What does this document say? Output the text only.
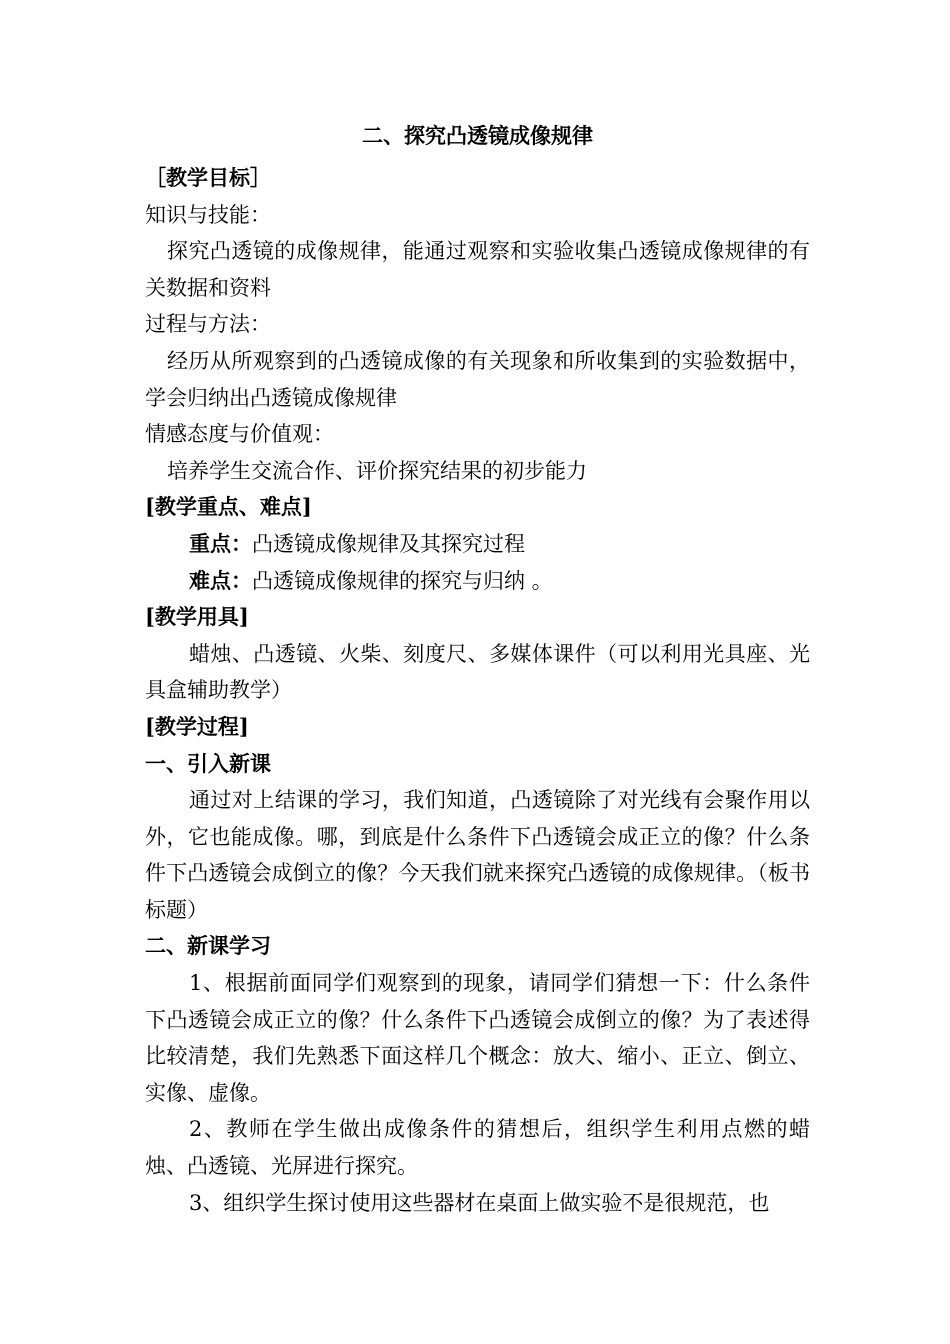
二、探究凸透镜成像规律

［教学目标］

知识与技能：

探究凸透镜的成像规律，能通过观察和实验收集凸透镜成像规律的有关数据和资料

过程与方法：

经历从所观察到的凸透镜成像的有关现象和所收集到的实验数据中，学会归纳出凸透镜成像规律

情感态度与价值观：

培养学生交流合作、评价探究结果的初步能力

[教学重点、难点]

重点：凸透镜成像规律及其探究过程

难点：凸透镜成像规律的探究与归纳 。

[教学用具]

蜡烛、凸透镜、火柴、刻度尺、多媒体课件（可以利用光具座、光具盒辅助教学）

[教学过程]

一、引入新课

通过对上结课的学习，我们知道，凸透镜除了对光线有会聚作用以外，它也能成像。哪，到底是什么条件下凸透镜会成正立的像？什么条件下凸透镜会成倒立的像？今天我们就来探究凸透镜的成像规律。（板书标题）

二、新课学习

1、根据前面同学们观察到的现象，请同学们猜想一下：什么条件下凸透镜会成正立的像？什么条件下凸透镜会成倒立的像？为了表述得比较清楚，我们先熟悉下面这样几个概念：放大、缩小、正立、倒立、实像、虚像。

2、教师在学生做出成像条件的猜想后，组织学生利用点燃的蜡烛、凸透镜、光屏进行探究。

3、组织学生探讨使用这些器材在桌面上做实验不是很规范，也
